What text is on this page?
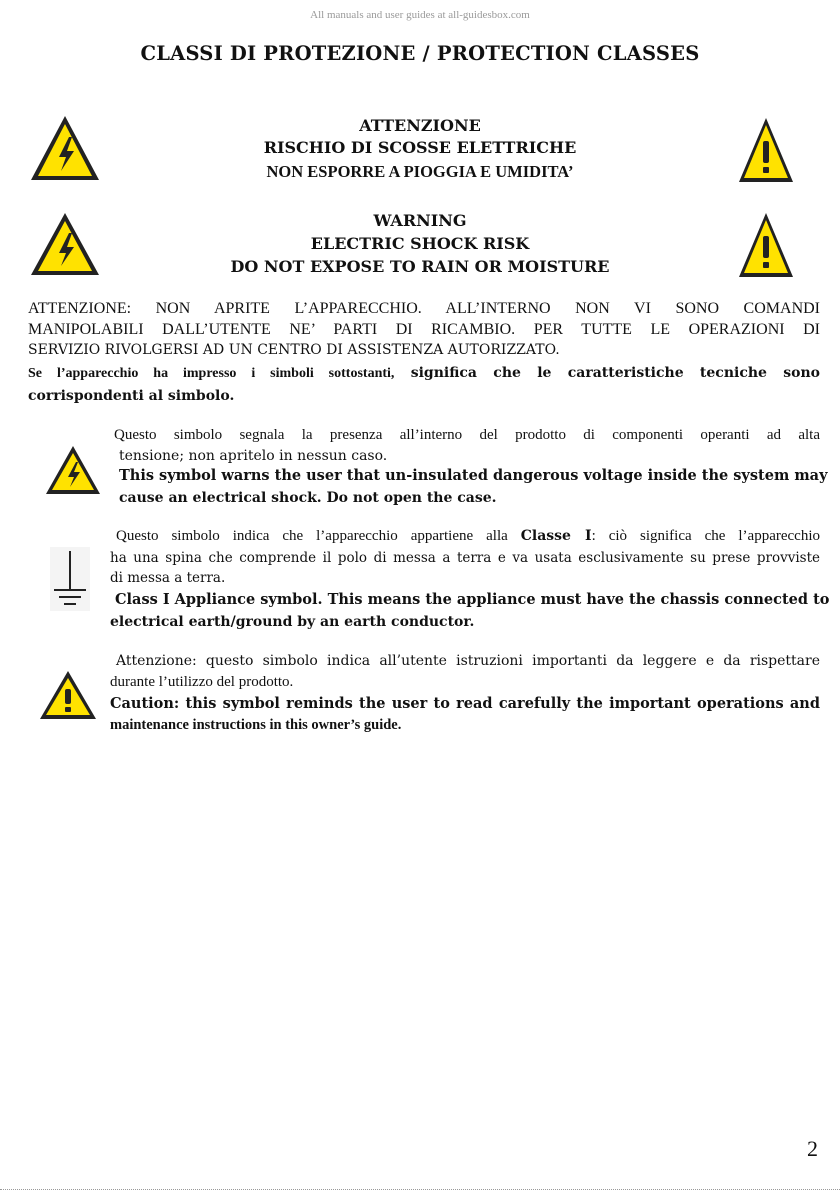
All manuals and user guides at all-guidesbox.com
CLASSI DI PROTEZIONE / PROTECTION CLASSES
ATTENZIONE
RISCHIO DI SCOSSE ELETTRICHE
NON ESPORRE A PIOGGIA E UMIDITA’
WARNING
ELECTRIC SHOCK RISK
DO NOT EXPOSE TO RAIN OR MOISTURE
ATTENZIONE: NON APRITE L’APPARECCHIO. ALL’INTERNO NON VI SONO COMANDI
MANIPOLABILI DALL’UTENTE NE’ PARTI DI RICAMBIO. PER TUTTE LE OPERAZIONI DI
SERVIZIO RIVOLGERSI AD UN CENTRO DI ASSISTENZA AUTORIZZATO.
Se l’apparecchio ha impresso i simboli sottostanti, significa che le caratteristiche tecniche sono
corrispondenti al simbolo.
Questo simbolo segnala la presenza all’interno del prodotto di componenti operanti ad alta
tensione; non apritelo in nessun caso.
This symbol warns the user that un-insulated dangerous voltage inside the system may
cause an electrical shock. Do not open the case.
Questo simbolo indica che l’apparecchio appartiene alla Classe I: ciò significa che l’apparecchio
ha una spina che comprende il polo di messa a terra e va usata esclusivamente su prese provviste
di messa a terra.
Class I Appliance symbol. This means the appliance must have the chassis connected to
electrical earth/ground by an earth conductor.
Attenzione: questo simbolo indica all’utente istruzioni importanti da leggere e da rispettare
durante l’utilizzo del prodotto.
Caution: this symbol reminds the user to read carefully the important operations and
maintenance instructions in this owner’s guide.
2
